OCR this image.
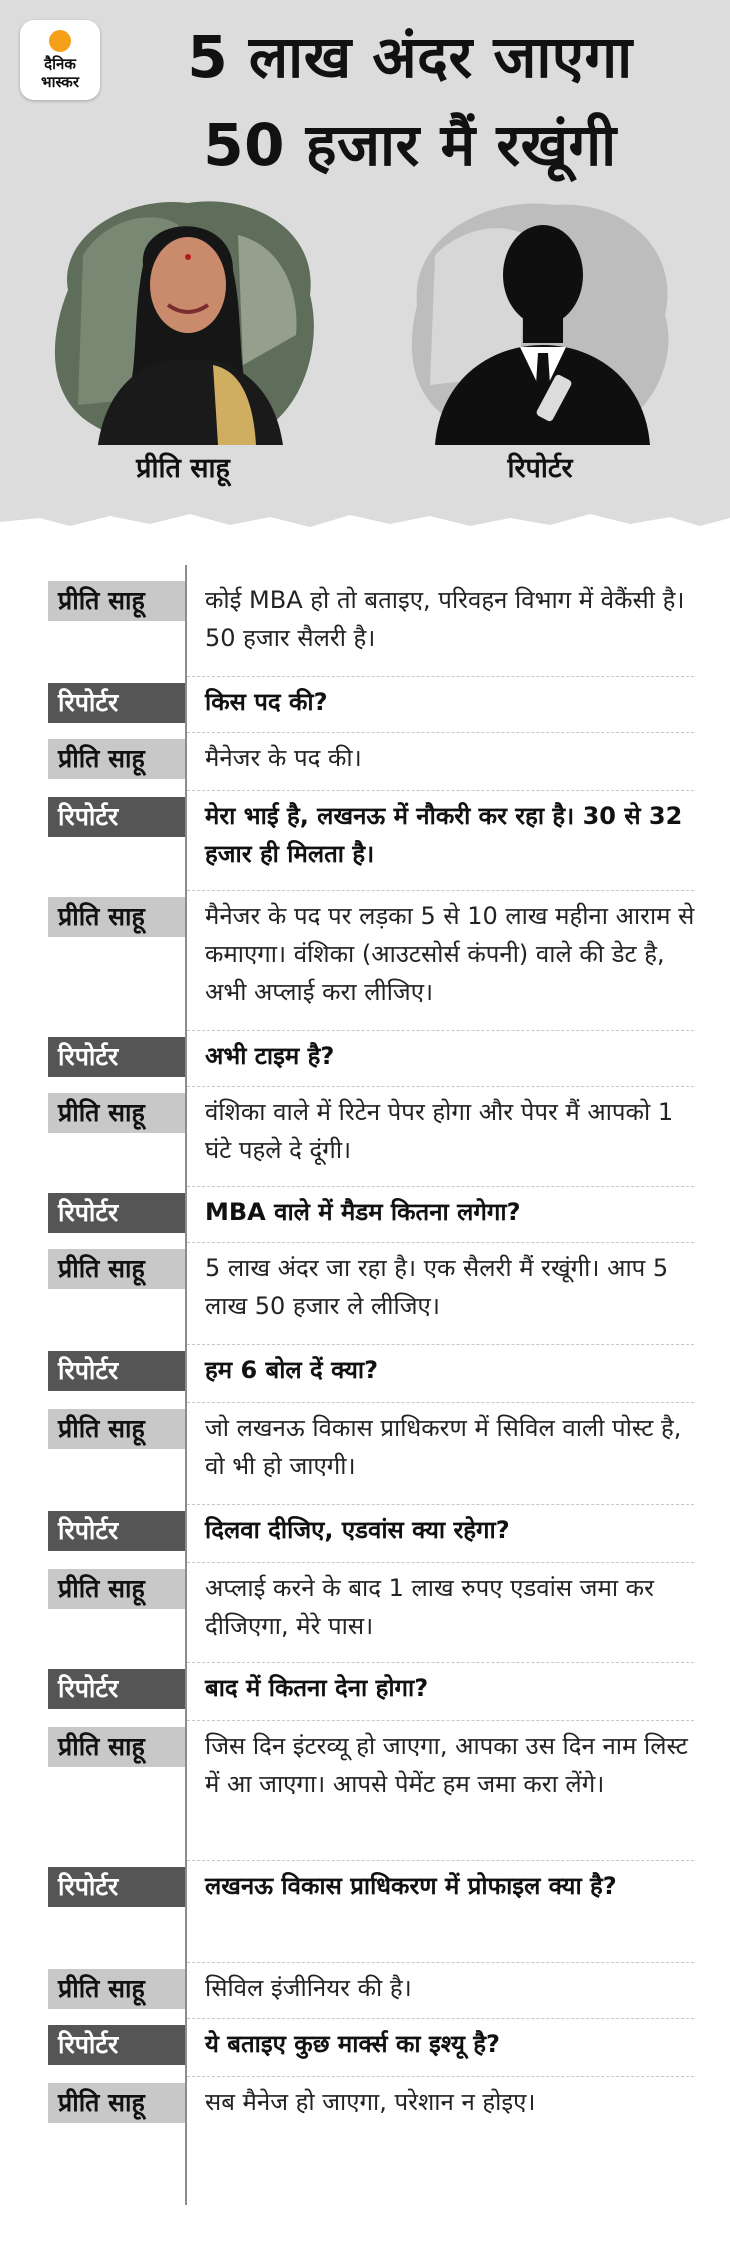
दैनिक
भास्कर	5 लाख अंदर जाएगा
50 हजार मैं रखूंगी
प्रीति साहू	रिपोर्टर
प्रीति साहू	कोई MBA हो तो बताइए, परिवहन विभाग में वेकैंसी है। 50 हजार सैलरी है।
रिपोर्टर	किस पद की?
प्रीति साहू	मैनेजर के पद की।
रिपोर्टर	मेरा भाई है, लखनऊ में नौकरी कर रहा है। 30 से 32 हजार ही मिलता है।
प्रीति साहू	मैनेजर के पद पर लड़का 5 से 10 लाख महीना आराम से कमाएगा। वंशिका (आउटसोर्स कंपनी) वाले की डेट है, अभी अप्लाई करा लीजिए।
रिपोर्टर	अभी टाइम है?
प्रीति साहू	वंशिका वाले में रिटेन पेपर होगा और पेपर मैं आपको 1 घंटे पहले दे दूंगी।
रिपोर्टर	MBA वाले में मैडम कितना लगेगा?
प्रीति साहू	5 लाख अंदर जा रहा है। एक सैलरी मैं रखूंगी। आप 5 लाख 50 हजार ले लीजिए।
रिपोर्टर	हम 6 बोल दें क्या?
प्रीति साहू	जो लखनऊ विकास प्राधिकरण में सिविल वाली पोस्ट है, वो भी हो जाएगी।
रिपोर्टर	दिलवा दीजिए, एडवांस क्या रहेगा?
प्रीति साहू	अप्लाई करने के बाद 1 लाख रुपए एडवांस जमा कर दीजिएगा, मेरे पास।
रिपोर्टर	बाद में कितना देना होगा?
प्रीति साहू	जिस दिन इंटरव्यू हो जाएगा, आपका उस दिन नाम लिस्ट में आ जाएगा। आपसे पेमेंट हम जमा करा लेंगे।
रिपोर्टर	लखनऊ विकास प्राधिकरण में प्रोफाइल क्या है?
प्रीति साहू	सिविल इंजीनियर की है।
रिपोर्टर	ये बताइए कुछ मार्क्स का इश्यू है?
प्रीति साहू	सब मैनेज हो जाएगा, परेशान न होइए।
